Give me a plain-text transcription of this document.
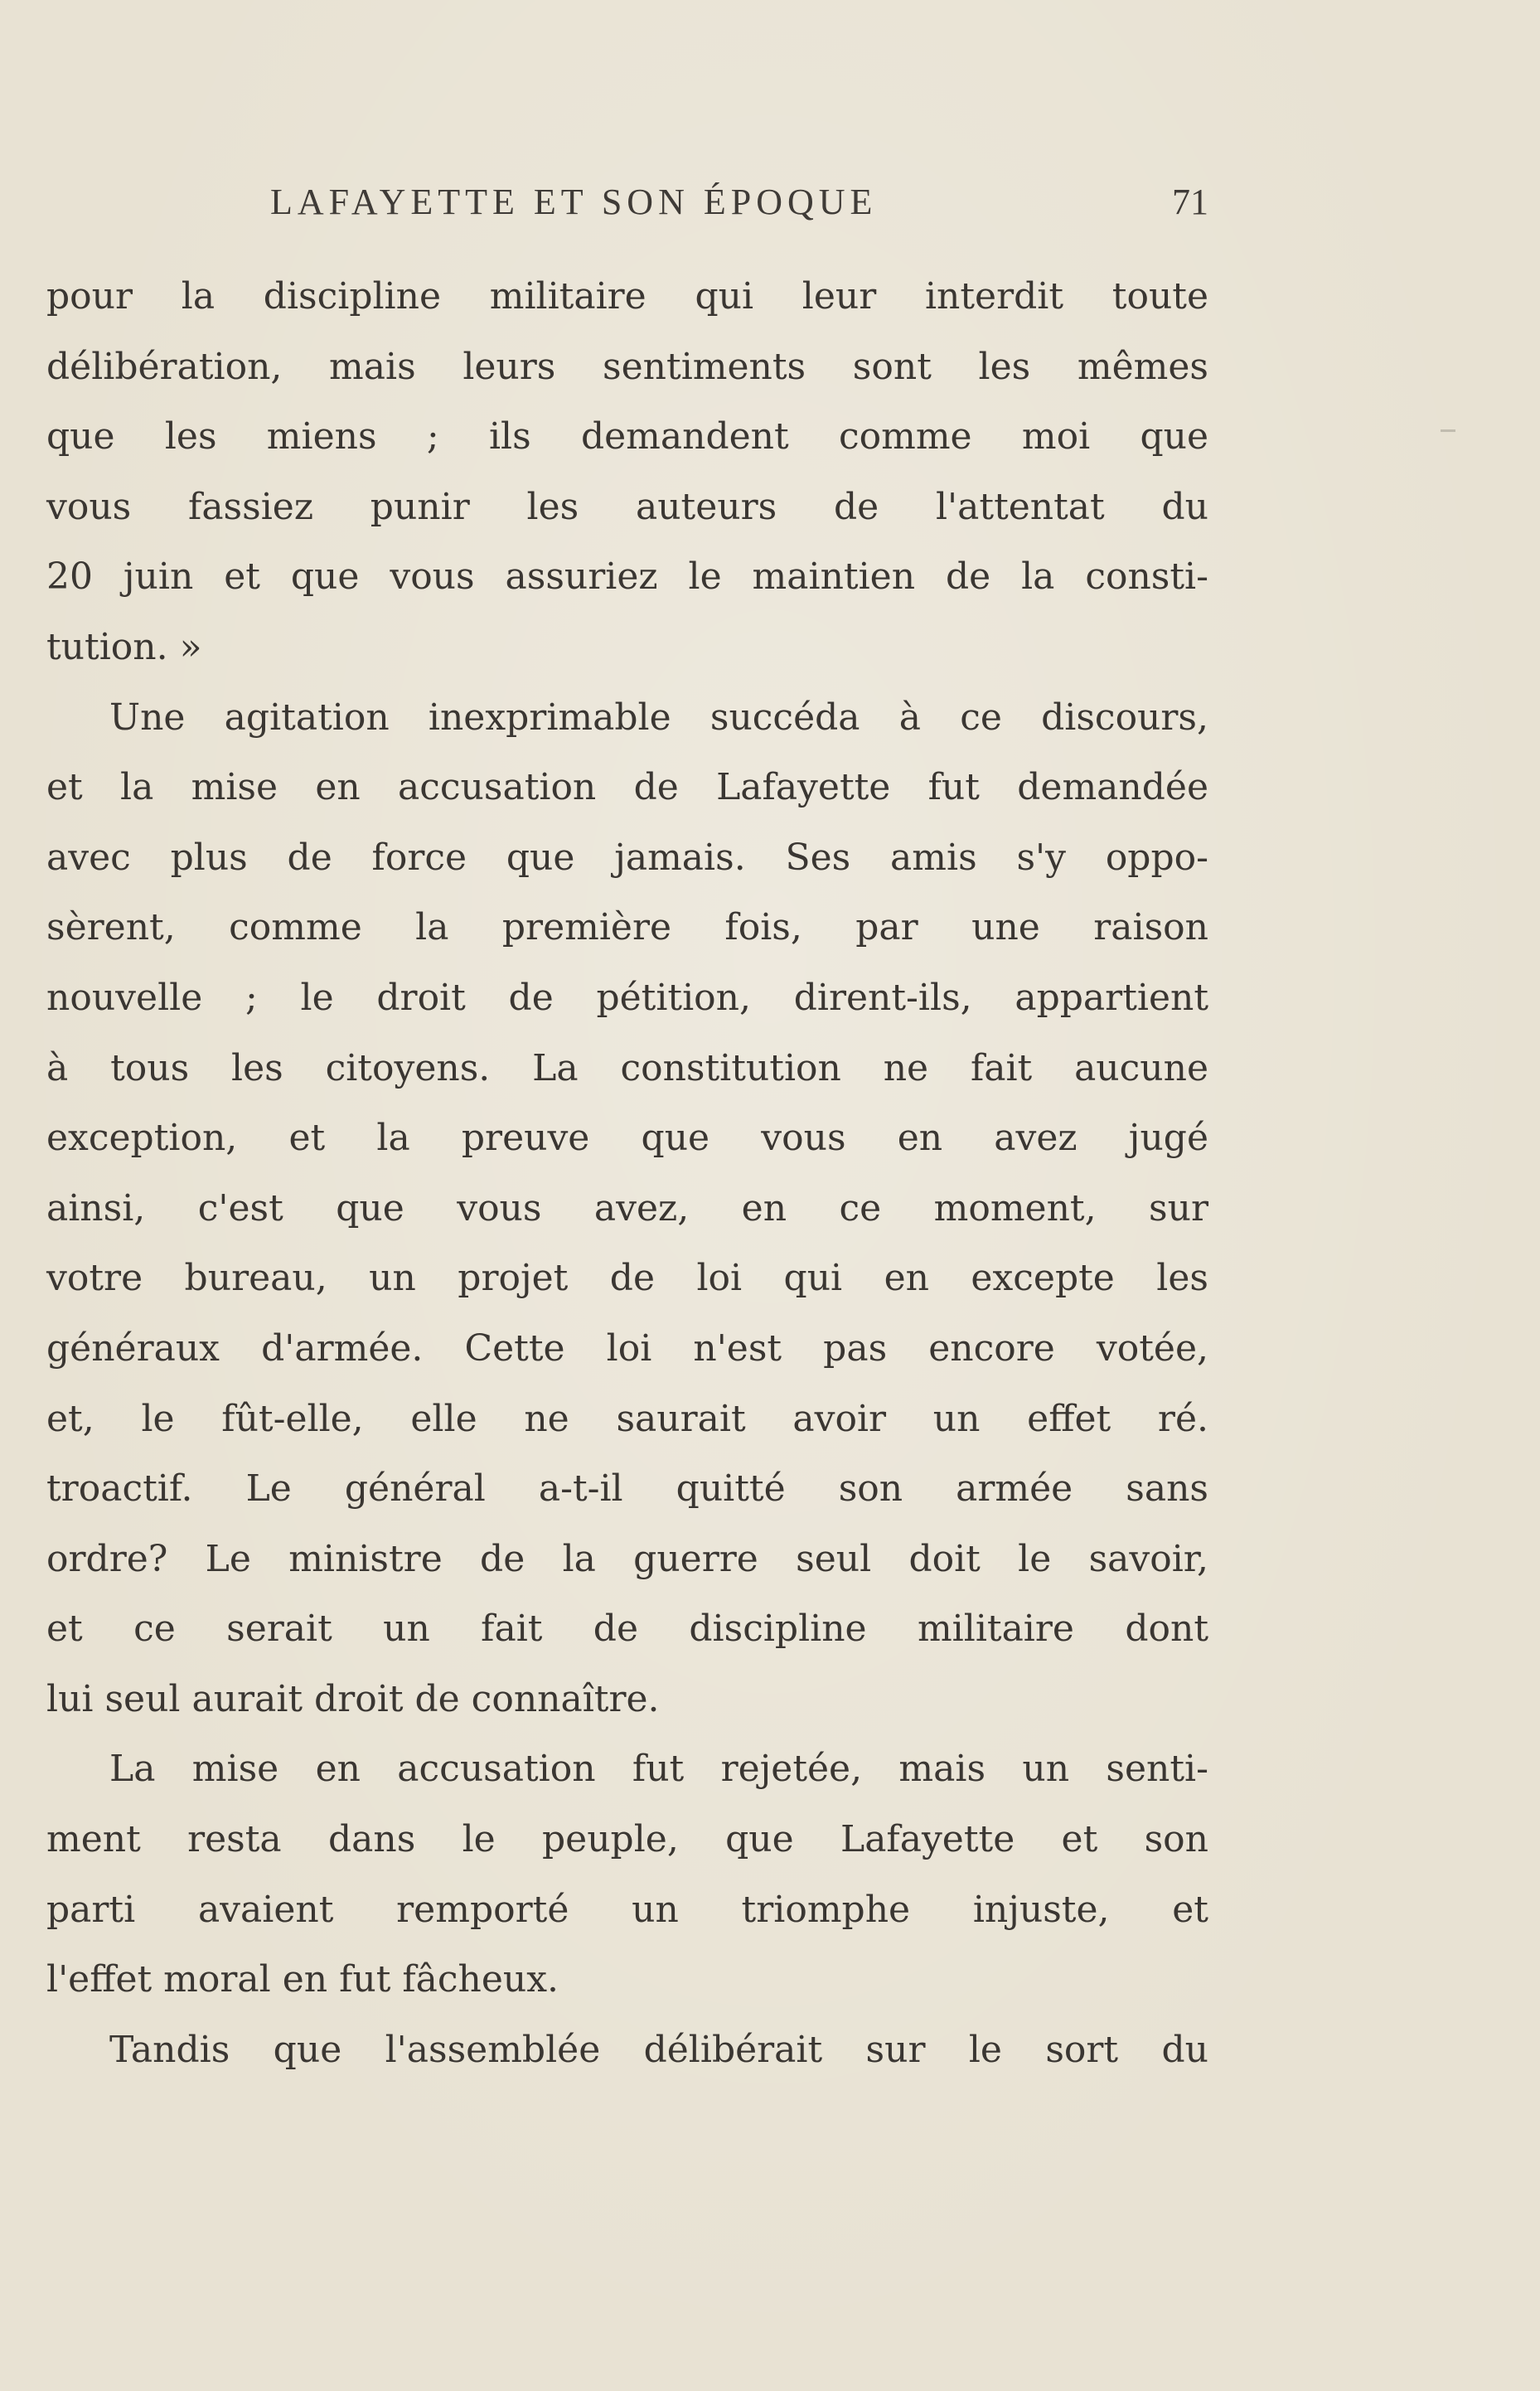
LAFAYETTE ET SON ÉPOQUE	71

pour la discipline militaire qui leur interdit toute
délibération, mais leurs sentiments sont les mêmes
que les miens ; ils demandent comme moi que
vous fassiez punir les auteurs de l'attentat du
20 juin et que vous assuriez le maintien de la consti-
tution. »

Une agitation inexprimable succéda à ce discours,
et la mise en accusation de Lafayette fut demandée
avec plus de force que jamais. Ses amis s'y oppo-
sèrent, comme la première fois, par une raison
nouvelle ; le droit de pétition, dirent-ils, appartient
à tous les citoyens. La constitution ne fait aucune
exception, et la preuve que vous en avez jugé
ainsi, c'est que vous avez, en ce moment, sur
votre bureau, un projet de loi qui en excepte les
généraux d'armée. Cette loi n'est pas encore votée,
et, le fût-elle, elle ne saurait avoir un effet ré.
troactif. Le général a-t-il quitté son armée sans
ordre? Le ministre de la guerre seul doit le savoir,
et ce serait un fait de discipline militaire dont
lui seul aurait droit de connaître.

La mise en accusation fut rejetée, mais un senti-
ment resta dans le peuple, que Lafayette et son
parti avaient remporté un triomphe injuste, et
l'effet moral en fut fâcheux.

Tandis que l'assemblée délibérait sur le sort du
